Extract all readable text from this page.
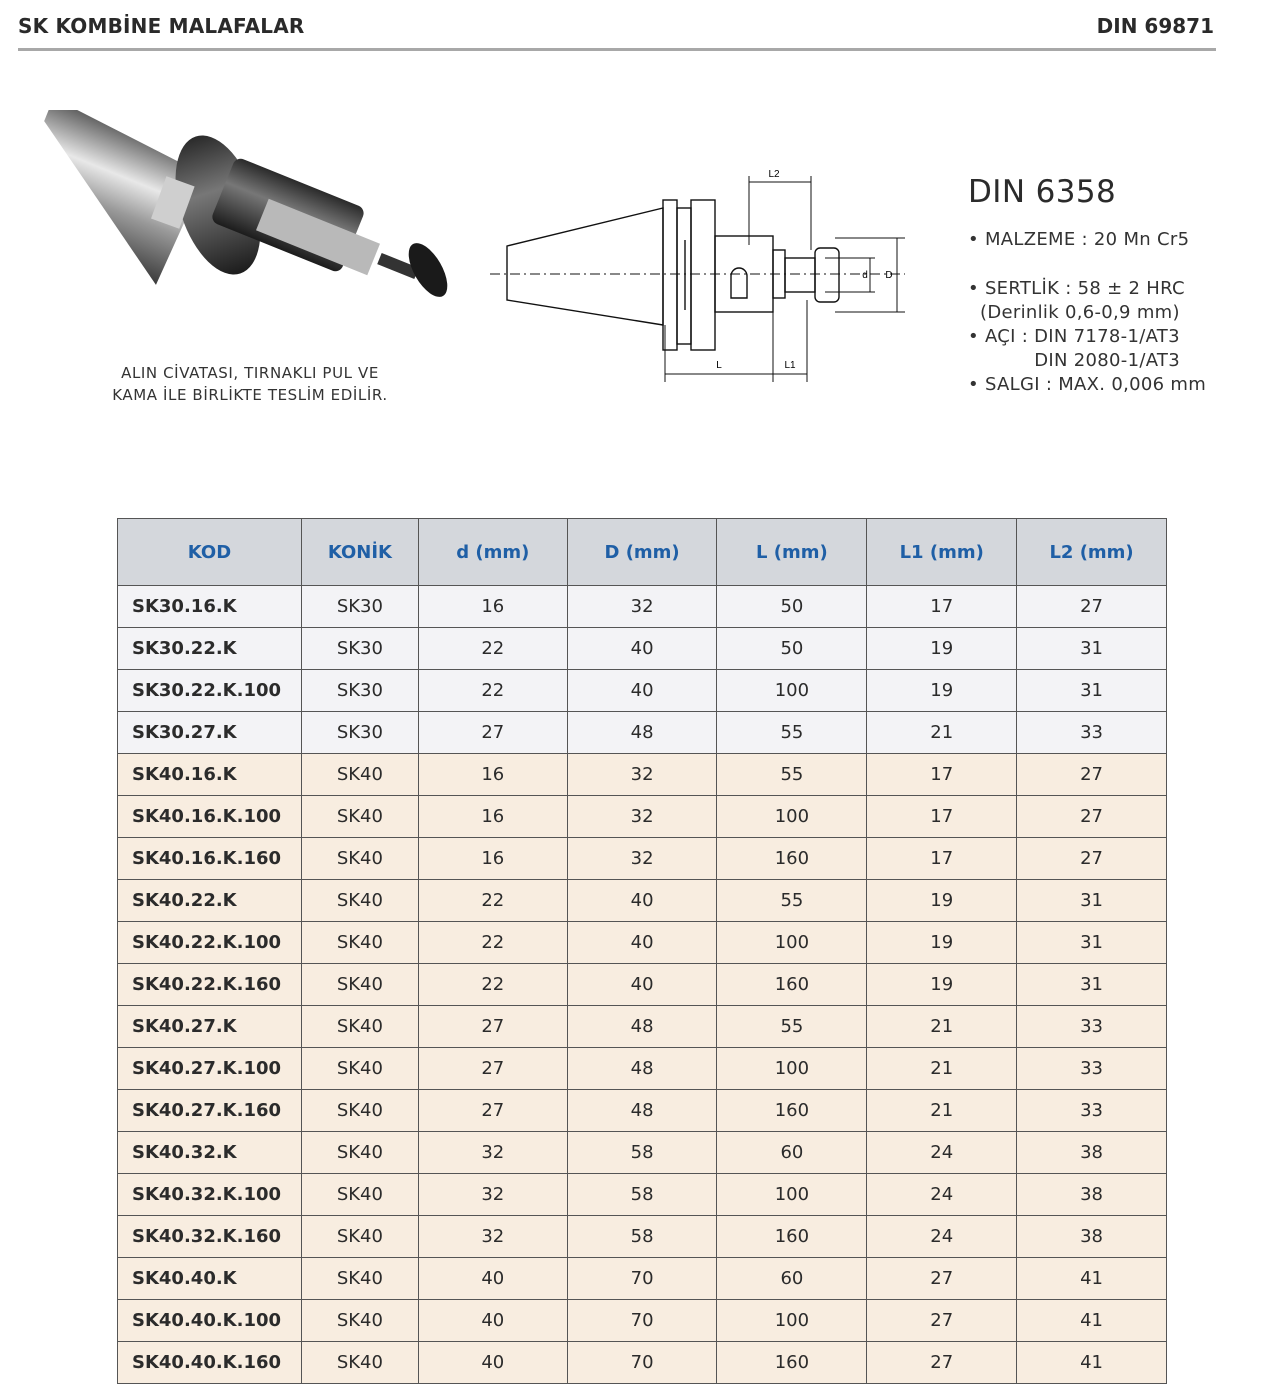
SK KOMBİNE MALAFALAR	DIN 69871
ALIN CİVATASI, TIRNAKLI PUL VE
KAMA İLE BİRLİKTE TESLİM EDİLİR.
L2
L	L1
d D
DIN 6358
• MALZEME : 20 Mn Cr5
• SERTLİK : 58 ± 2 HRC
(Derinlik 0,6-0,9 mm)
• AÇI : DIN 7178-1/AT3
DIN 2080-1/AT3
• SALGI : MAX. 0,006 mm
KOD	KONİK	d (mm)	D (mm)	L (mm)	L1 (mm)	L2 (mm)
SK30.16.K	SK30	16	32	50	17	27
SK30.22.K	SK30	22	40	50	19	31
SK30.22.K.100	SK30	22	40	100	19	31
SK30.27.K	SK30	27	48	55	21	33
SK40.16.K	SK40	16	32	55	17	27
SK40.16.K.100	SK40	16	32	100	17	27
SK40.16.K.160	SK40	16	32	160	17	27
SK40.22.K	SK40	22	40	55	19	31
SK40.22.K.100	SK40	22	40	100	19	31
SK40.22.K.160	SK40	22	40	160	19	31
SK40.27.K	SK40	27	48	55	21	33
SK40.27.K.100	SK40	27	48	100	21	33
SK40.27.K.160	SK40	27	48	160	21	33
SK40.32.K	SK40	32	58	60	24	38
SK40.32.K.100	SK40	32	58	100	24	38
SK40.32.K.160	SK40	32	58	160	24	38
SK40.40.K	SK40	40	70	60	27	41
SK40.40.K.100	SK40	40	70	100	27	41
SK40.40.K.160	SK40	40	70	160	27	41
